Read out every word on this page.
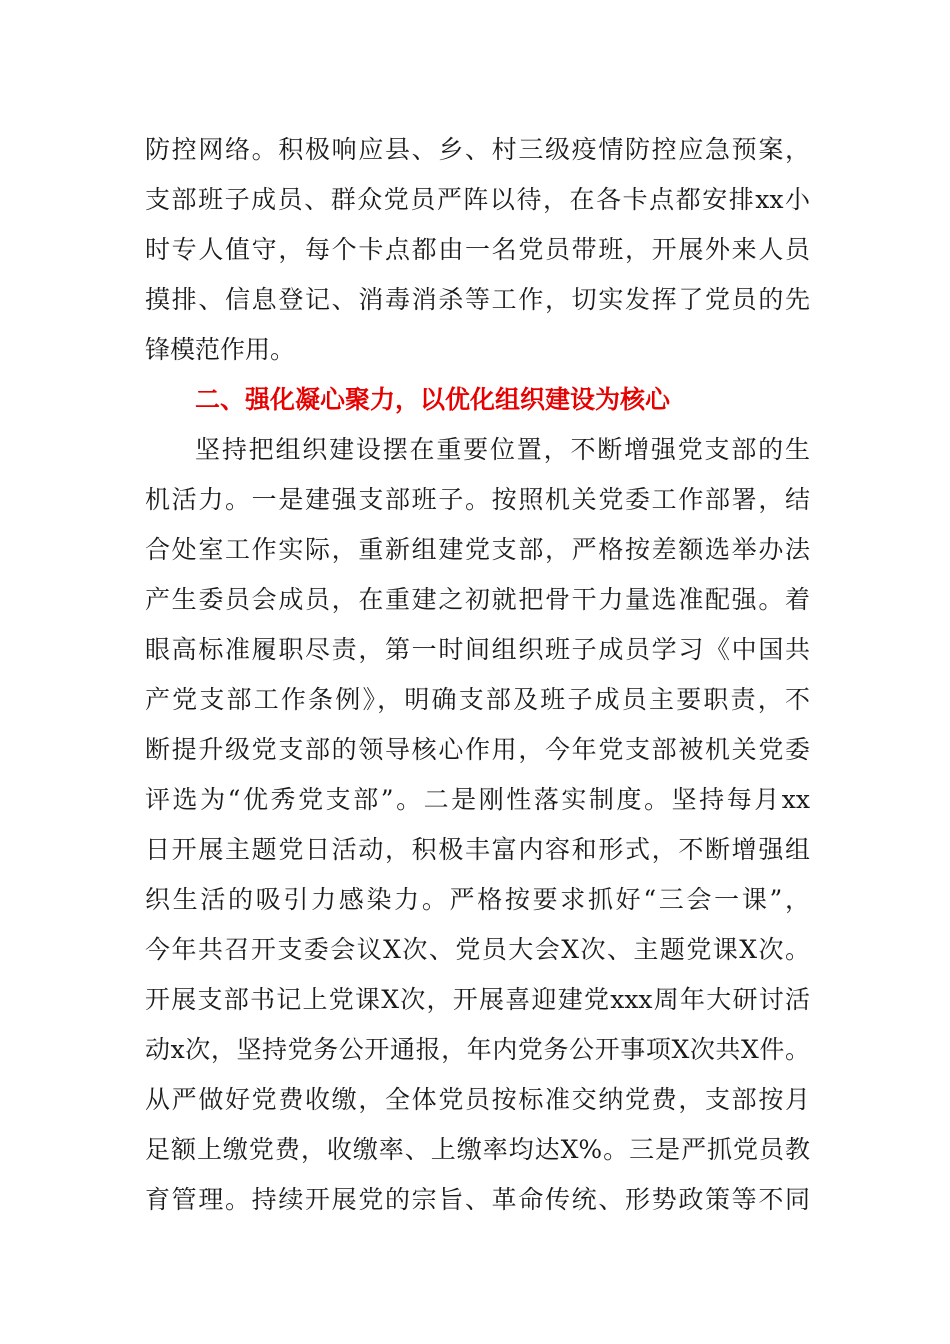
防控网络。积极响应县、乡、村三级疫情防控应急预案，
支部班子成员、群众党员严阵以待，在各卡点都安排xx小
时专人值守，每个卡点都由一名党员带班，开展外来人员
摸排、信息登记、消毒消杀等工作，切实发挥了党员的先
锋模范作用。
二、强化凝心聚力，以优化组织建设为核心
坚持把组织建设摆在重要位置，不断增强党支部的生
机活力。一是建强支部班子。按照机关党委工作部署，结
合处室工作实际，重新组建党支部，严格按差额选举办法
产生委员会成员，在重建之初就把骨干力量选准配强。着
眼高标准履职尽责，第一时间组织班子成员学习《中国共
产党支部工作条例》，明确支部及班子成员主要职责，不
断提升级党支部的领导核心作用，今年党支部被机关党委
评选为“优秀党支部”。二是刚性落实制度。坚持每月xx
日开展主题党日活动，积极丰富内容和形式，不断增强组
织生活的吸引力感染力。严格按要求抓好“三会一课”，
今年共召开支委会议X次、党员大会X次、主题党课X次。
开展支部书记上党课X次，开展喜迎建党xxx周年大研讨活
动x次，坚持党务公开通报，年内党务公开事项X次共X件。
从严做好党费收缴，全体党员按标准交纳党费，支部按月
足额上缴党费，收缴率、上缴率均达X%。三是严抓党员教
育管理。持续开展党的宗旨、革命传统、形势政策等不同
